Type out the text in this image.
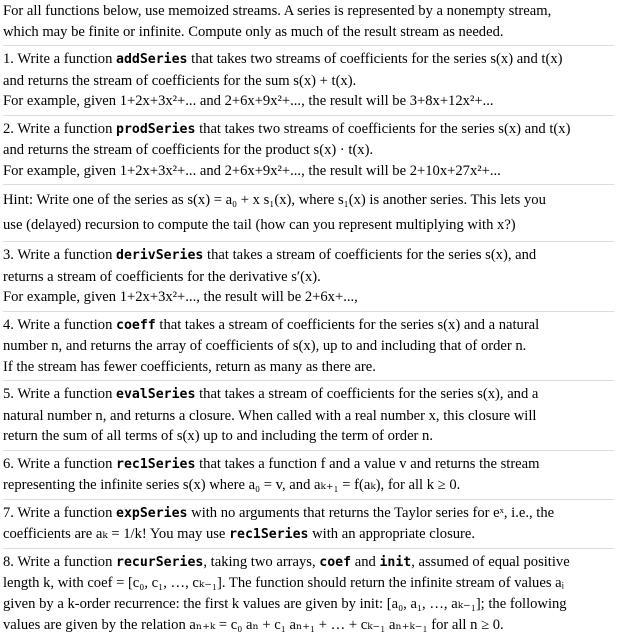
For all functions below, use memoized streams. A series is represented by a nonempty stream,
which may be finite or infinite. Compute only as much of the result stream as needed.
1. Write a function addSeries that takes two streams of coefficients for the series s(x) and t(x)
and returns the stream of coefficients for the sum s(x) + t(x).
For example, given 1+2x+3x²+... and 2+6x+9x²+..., the result will be 3+8x+12x²+...
2. Write a function prodSeries that takes two streams of coefficients for the series s(x) and t(x)
and returns the stream of coefficients for the product s(x) · t(x).
For example, given 1+2x+3x²+... and 2+6x+9x²+..., the result will be 2+10x+27x²+...
Hint: Write one of the series as s(x) = a₀ + x s₁(x), where s₁(x) is another series. This lets you
use (delayed) recursion to compute the tail (how can you represent multiplying with x?)
3. Write a function derivSeries that takes a stream of coefficients for the series s(x), and
returns a stream of coefficients for the derivative s′(x).
For example, given 1+2x+3x²+..., the result will be 2+6x+...,
4. Write a function coeff that takes a stream of coefficients for the series s(x) and a natural
number n, and returns the array of coefficients of s(x), up to and including that of order n.
If the stream has fewer coefficients, return as many as there are.
5. Write a function evalSeries that takes a stream of coefficients for the series s(x), and a
natural number n, and returns a closure. When called with a real number x, this closure will
return the sum of all terms of s(x) up to and including the term of order n.
6. Write a function rec1Series that takes a function f and a value v and returns the stream
representing the infinite series s(x) where a₀ = v, and aₖ₊₁ = f(aₖ), for all k ≥ 0.
7. Write a function expSeries with no arguments that returns the Taylor series for eˣ, i.e., the
coefficients are aₖ = 1/k! You may use rec1Series with an appropriate closure.
8. Write a function recurSeries, taking two arrays, coef and init, assumed of equal positive
length k, with coef = [c₀, c₁, …, cₖ₋₁]. The function should return the infinite stream of values aᵢ
given by a k-order recurrence: the first k values are given by init: [a₀, a₁, …, aₖ₋₁]; the following
values are given by the relation aₙ₊ₖ = c₀ aₙ + c₁ aₙ₊₁ + … + cₖ₋₁ aₙ₊ₖ₋₁ for all n ≥ 0.
